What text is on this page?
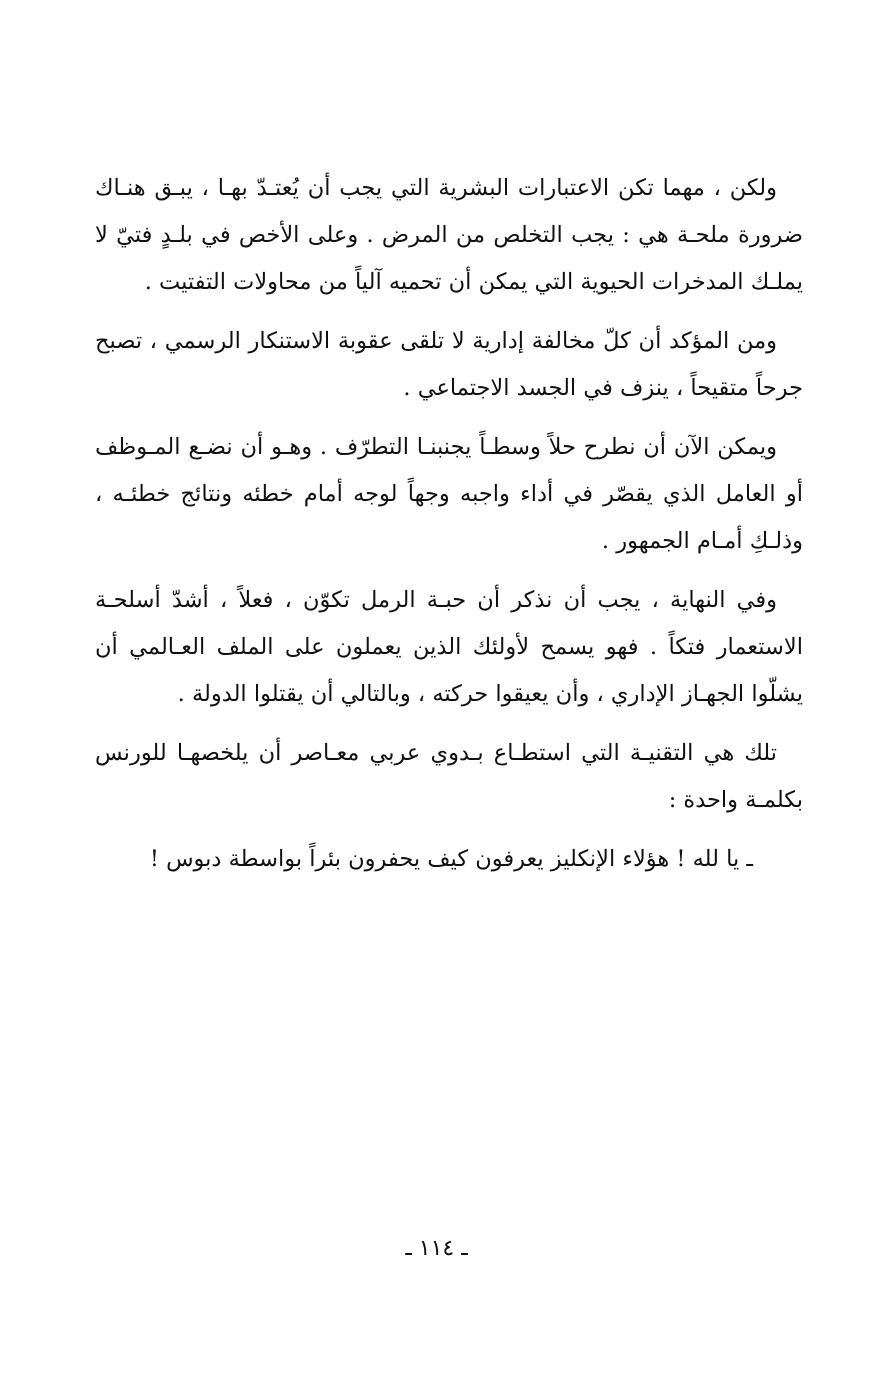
ولكن ، مهما تكن الاعتبارات البشرية التي يجب أن يُعتـدّ بهـا ، يبـق هنـاك ضرورة ملحـة هي : يجب التخلص من المرض . وعلى الأخص في بلـدٍ فتيّ لا يملـك المدخرات الحيوية التي يمكن أن تحميه آلياً من محاولات التفتيت .

ومن المؤكد أن كلّ مخالفة إدارية لا تلقى عقوبة الاستنكار الرسمي ، تصبح جرحاً متقيحاً ، ينزف في الجسد الاجتماعي .

ويمكن الآن أن نطرح حلاً وسطـاً يجنبنـا التطرّف . وهـو أن نضـع المـوظف أو العامل الذي يقصّر في أداء واجبه وجهاً لوجه أمام خطئه ونتائج خطئـه ، وذلـكِ أمـام الجمهور .

وفي النهاية ، يجب أن نذكر أن حبـة الرمل تكوّن ، فعلاً ، أشدّ أسلحـة الاستعمار فتكاً . فهو يسمح لأولئك الذين يعملون على الملف العـالمي أن يشلّوا الجهـاز الإداري ، وأن يعيقوا حركته ، وبالتالي أن يقتلوا الدولة .

تلك هي التقنيـة التي استطـاع بـدوي عربي معـاصر أن يلخصهـا للورنس بكلمـة واحدة :

ـ يا لله ! هؤلاء الإنكليز يعرفون كيف يحفرون بئراً بواسطة دبوس !

ـ ١١٤ ـ
